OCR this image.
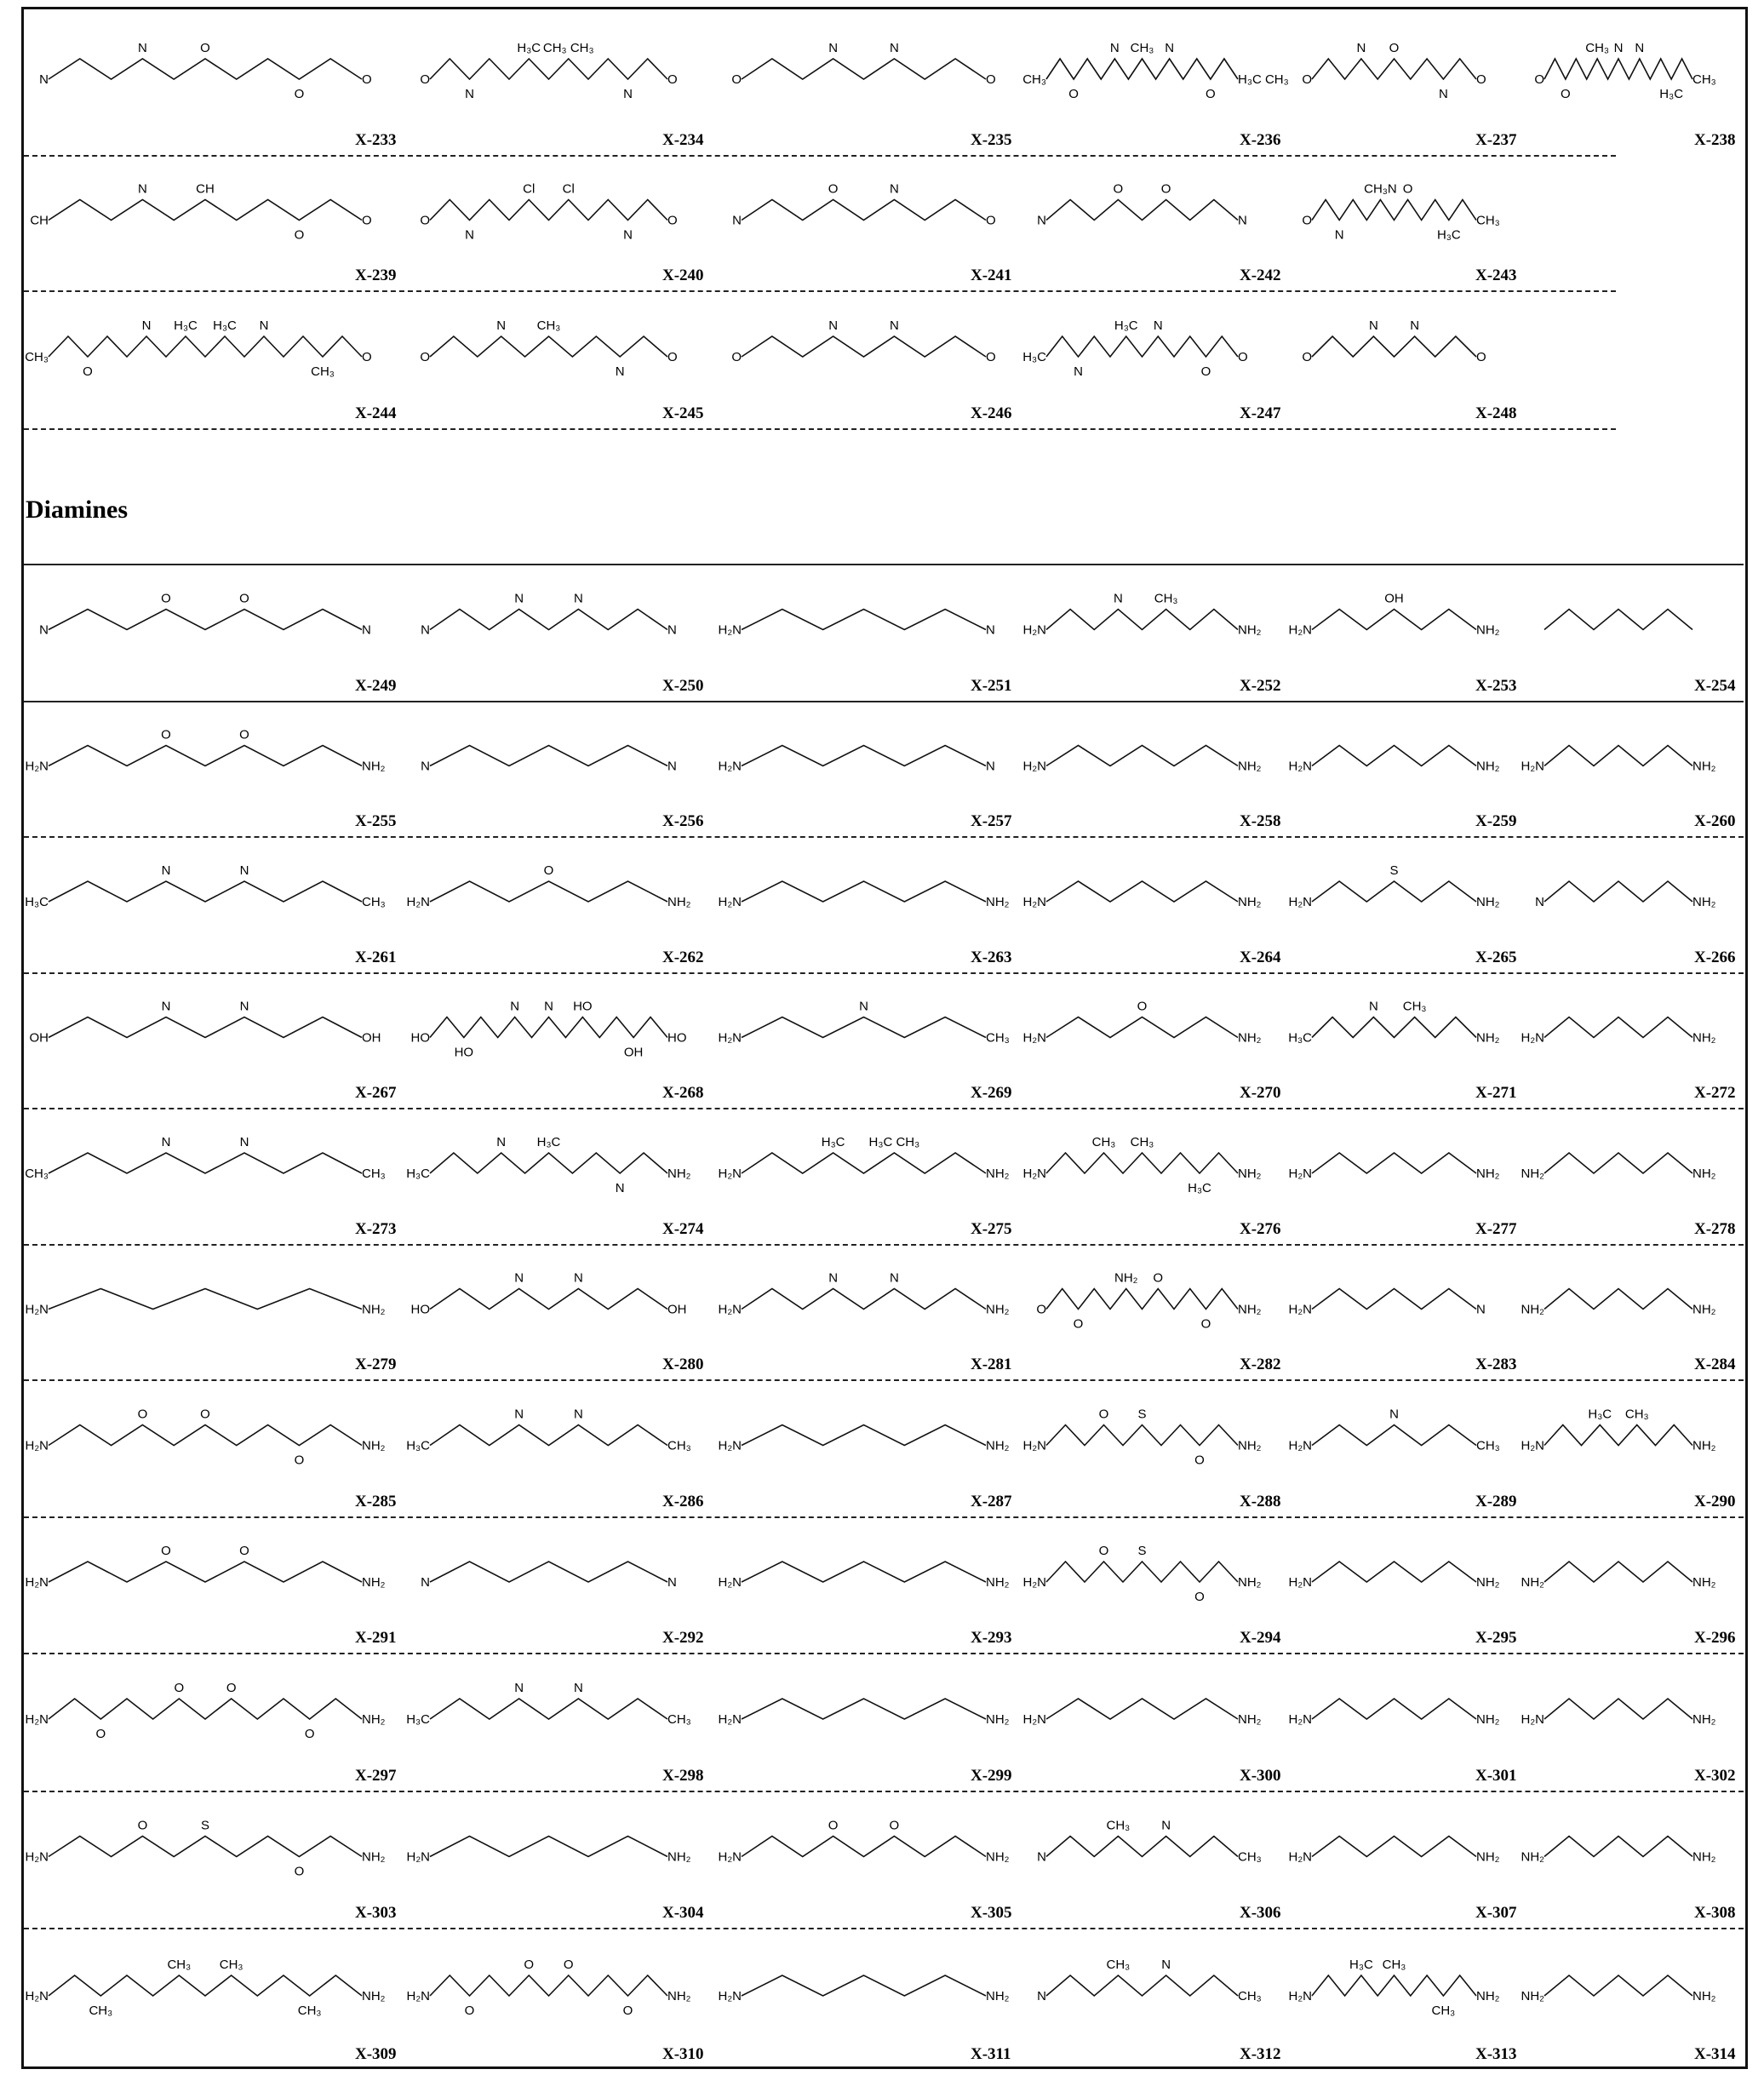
Diamines
N
N	O
O
O
X-233
O
N
H₃C CH₃ CH₃
N
O
X-234
O
N	N
O
X-235
CH₃
O
N CH₃ N
O
H₃C CH₃
X-236
O
N O
N
O
X-237
O
O
CH₃ N N
H₃C
CH₃
X-238
CH
N	CH
O
O
X-239
O
N
Cl Cl
N
O
X-240
N
O	N
O
X-241
N
O	O
N
X-242
O
N
CH₃N O
H₃C
CH₃
X-243
CH₃
O
N H₃C H₃C N
CH₃
O
X-244
O
N CH₃
N
O
X-245
O
N	N
O
X-246
H₃C
N
H₃C N
O
O
X-247
O
N N
O
X-248
N
O	O
N
X-249
N
N	N
N
X-250
H₂N	N
X-251
H₂N
N CH₃
NH₂
X-252
H₂N
OH
NH₂
X-253	X-254
H₂N
O	O
NH₂
X-255
N	N
X-256
H₂N	N
X-257
H₂N	NH₂
X-258
H₂N	NH₂
X-259
H₂N	NH₂
X-260
H₃C
N	N
CH₃
X-261
H₂N
O
NH₂
X-262
H₂N	NH₂
X-263
H₂N	NH₂
X-264
H₂N
S
NH₂
X-265
N	NH₂
X-266
OH
N	N
OH
X-267
HO
HO
N N HO
OH
HO
X-268
H₂N
N
CH₃
X-269
H₂N
O
NH₂
X-270
H₃C
N CH₃
NH₂
X-271
H₂N	NH₂
X-272
CH₃
N	N
CH₃
X-273
H₃C
N H₃C
N
NH₂
X-274
H₂N
H₃C H₃C CH₃
NH₂
X-275
H₂N
CH₃ CH₃
H₃C
NH₂
X-276
H₂N	NH₂
X-277
NH₂	NH₂
X-278
H₂N	NH₂
X-279
HO
N	N
OH
X-280
H₂N
N	N
NH₂
X-281
O
O
NH₂ O
O
NH₂
X-282
H₂N	N
X-283
NH₂	NH₂
X-284
H₂N
O	O
O
NH₂
X-285
H₃C
N	N
CH₃
X-286
H₂N	NH₂
X-287
H₂N
O S
O
NH₂
X-288
H₂N
N
CH₃
X-289
H₂N
H₃C CH₃
NH₂
X-290
H₂N
O	O
NH₂
X-291
N	N
X-292
H₂N	NH₂
X-293
H₂N
O S
O
NH₂
X-294
H₂N	NH₂
X-295
NH₂	NH₂
X-296
H₂N
O
O	O
O
NH₂
X-297
H₃C
N	N
CH₃
X-298
H₂N	NH₂
X-299
H₂N	NH₂
X-300
H₂N	NH₂
X-301
H₂N	NH₂
X-302
H₂N
O	S
O
NH₂
X-303
H₂N	NH₂
X-304
H₂N
O	O
NH₂
X-305
N
CH₃ N
CH₃
X-306
H₂N	NH₂
X-307
NH₂	NH₂
X-308
H₂N
CH₃
CH₃ CH₃
CH₃
NH₂
X-309
H₂N
O
O O
O
NH₂
X-310
H₂N	NH₂
X-311
N
CH₃ N
CH₃
X-312
H₂N
H₃C CH₃
CH₃
NH₂
X-313
NH₂	NH₂
X-314
